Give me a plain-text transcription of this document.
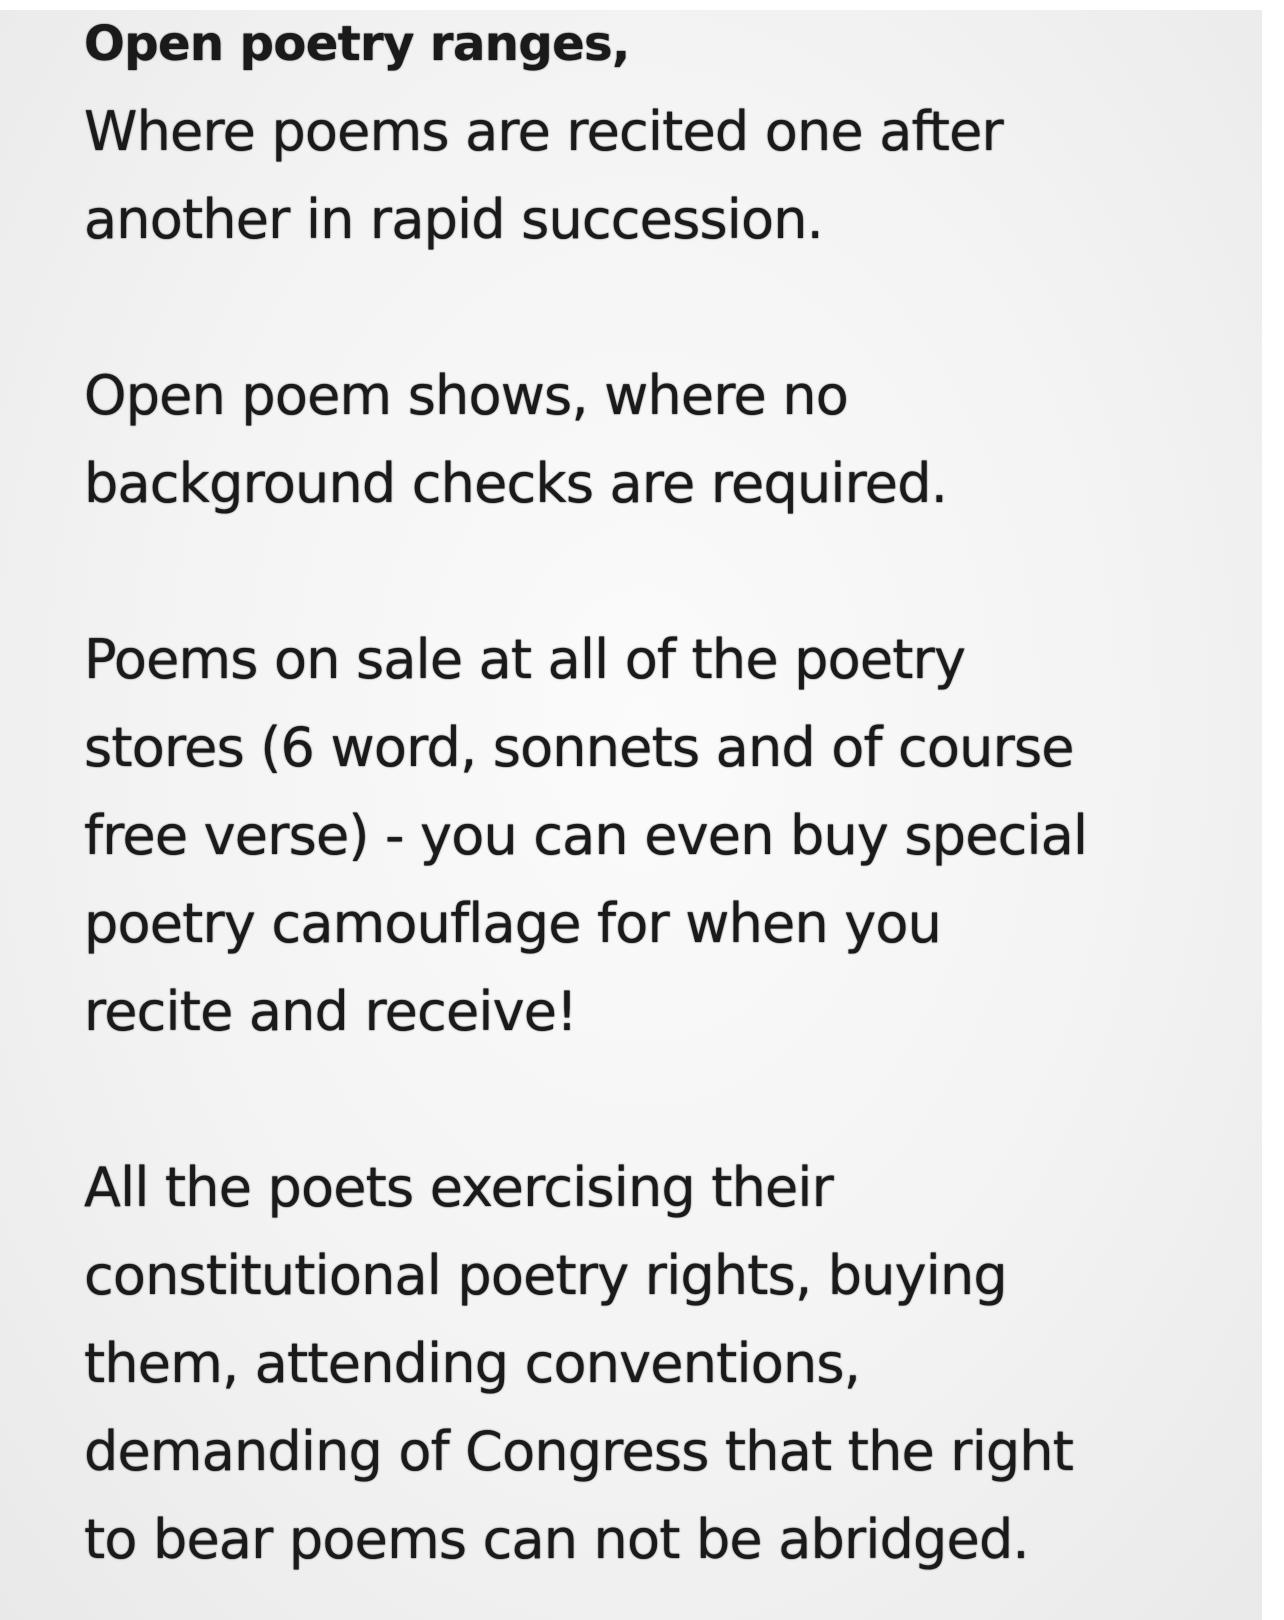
Open poetry ranges,
Where poems are recited one after
another in rapid succession.
Open poem shows, where no
background checks are required.
Poems on sale at all of the poetry
stores (6 word, sonnets and of course
free verse) - you can even buy special
poetry camouflage for when you
recite and receive!
All the poets exercising their
constitutional poetry rights, buying
them, attending conventions,
demanding of Congress that the right
to bear poems can not be abridged.
